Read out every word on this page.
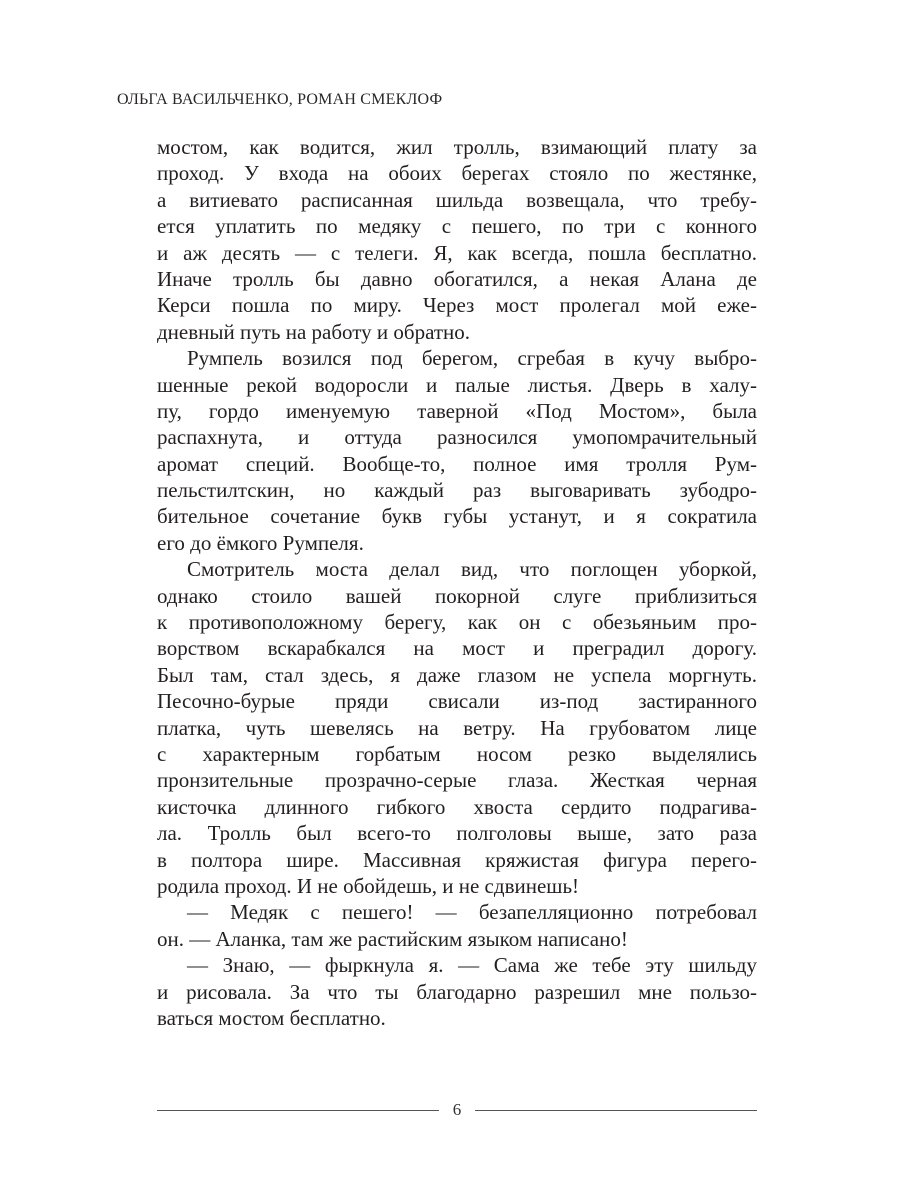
ОЛЬГА ВАСИЛЬЧЕНКО, РОМАН СМЕКЛОФ
мостом, как водится, жил тролль, взимающий плату за
проход. У входа на обоих берегах стояло по жестянке,
а витиевато расписанная шильда возвещала, что требу-
ется уплатить по медяку с пешего, по три с конного
и аж десять — с телеги. Я, как всегда, пошла бесплатно.
Иначе тролль бы давно обогатился, а некая Алана де
Керси пошла по миру. Через мост пролегал мой еже-
дневный путь на работу и обратно.
Румпель возился под берегом, сгребая в кучу выбро-
шенные рекой водоросли и палые листья. Дверь в халу-
пу, гордо именуемую таверной «Под Мостом», была
распахнута, и оттуда разносился умопомрачительный
аромат специй. Вообще-то, полное имя тролля Рум-
пельстилтскин, но каждый раз выговаривать зубодро-
бительное сочетание букв губы устанут, и я сократила
его до ёмкого Румпеля.
Смотритель моста делал вид, что поглощен уборкой,
однако стоило вашей покорной слуге приблизиться
к противоположному берегу, как он с обезьяньим про-
ворством вскарабкался на мост и преградил дорогу.
Был там, стал здесь, я даже глазом не успела моргнуть.
Песочно-бурые пряди свисали из-под застиранного
платка, чуть шевелясь на ветру. На грубоватом лице
с характерным горбатым носом резко выделялись
пронзительные прозрачно-серые глаза. Жесткая черная
кисточка длинного гибкого хвоста сердито подрагива-
ла. Тролль был всего-то полголовы выше, зато раза
в полтора шире. Массивная кряжистая фигура перего-
родила проход. И не обойдешь, и не сдвинешь!
— Медяк с пешего! — безапелляционно потребовал
он. — Аланка, там же растийским языком написано!
— Знаю, — фыркнула я. — Сама же тебе эту шильду
и рисовала. За что ты благодарно разрешил мне пользо-
ваться мостом бесплатно.
6
